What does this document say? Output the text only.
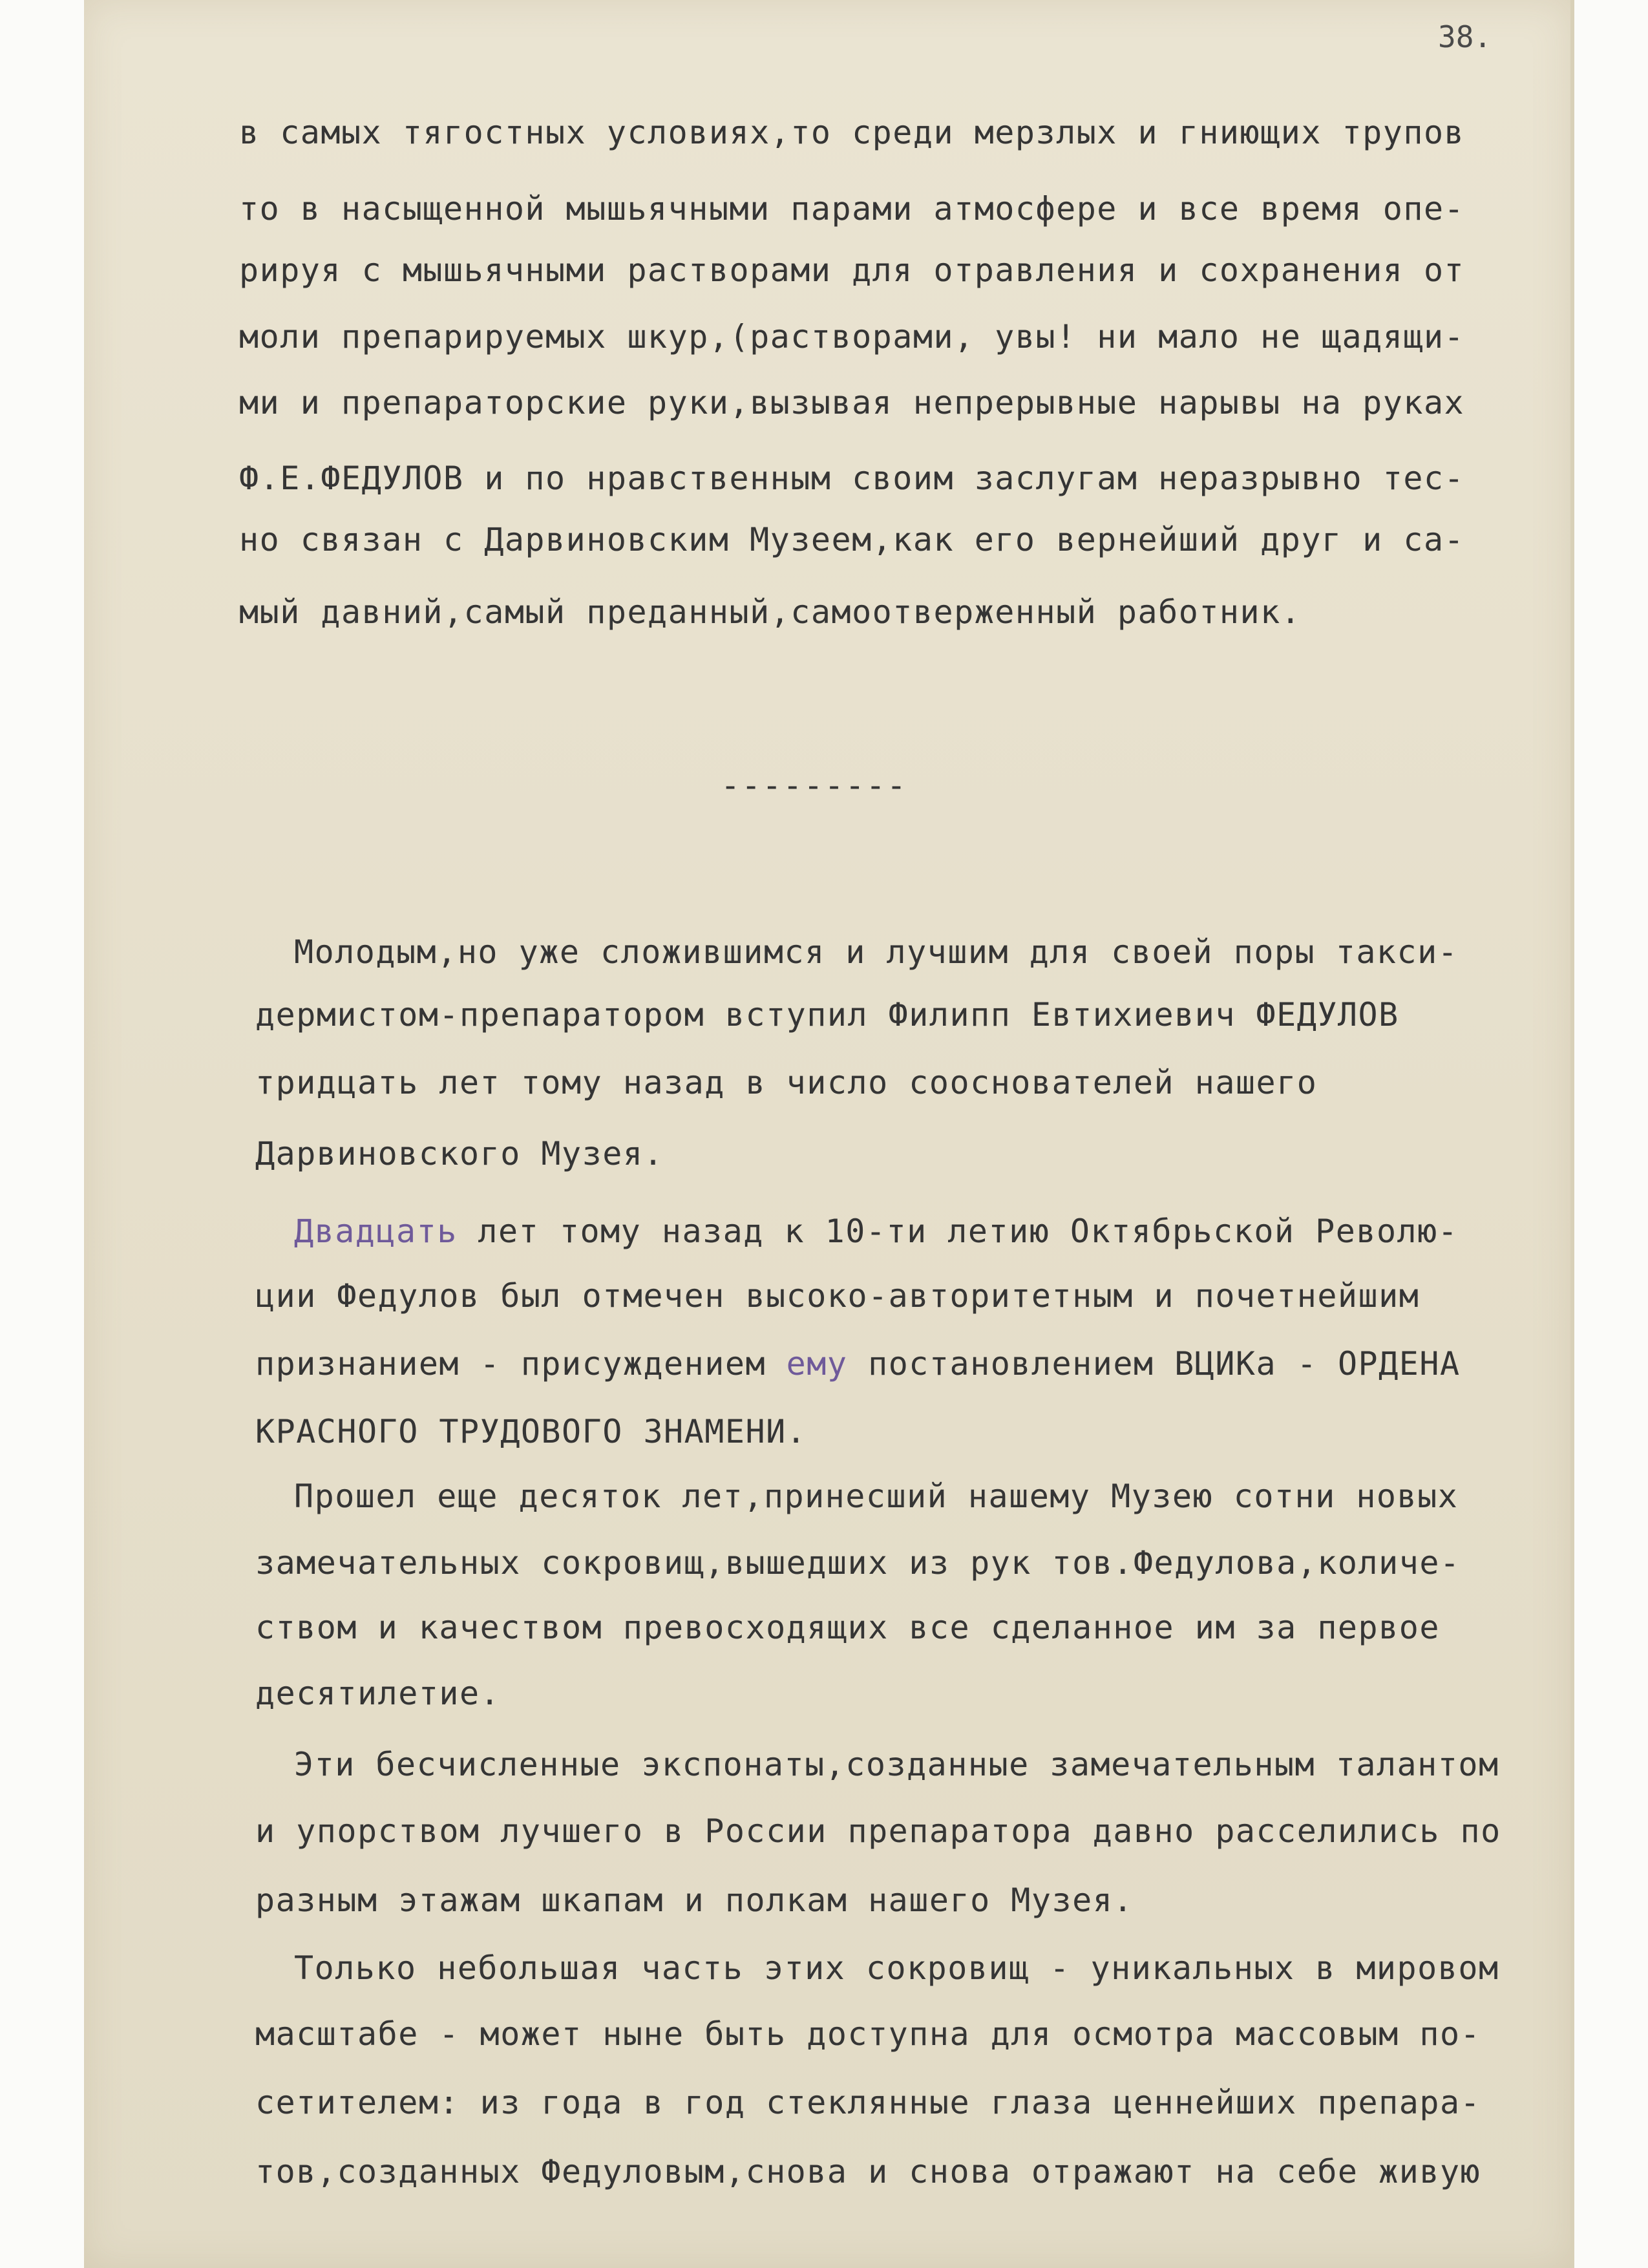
38.
в самых тягостных условиях,то среди мерзлых и гниющих трупов
то в насыщенной мышьячными парами атмосфере и все время опе-
рируя с мышьячными растворами для отравления и сохранения от
моли препарируемых шкур,(растворами, увы! ни мало не щадящи-
ми и препараторские руки,вызывая непрерывные нарывы на руках
Ф.Е.ФЕДУЛОВ и по нравственным своим заслугам неразрывно тес-
но связан с Дарвиновским Музеем,как его вернейший друг и са-
мый давний,самый преданный,самоотверженный работник.
---------
Молодым,но уже сложившимся и лучшим для своей поры такси-
дермистом-препаратором вступил Филипп Евтихиевич ФЕДУЛОВ
тридцать лет тому назад в число сооснователей нашего
Дарвиновского Музея.
Двадцать лет тому назад к 10-ти летию Октябрьской Револю-
ции Федулов был отмечен высоко-авторитетным и почетнейшим
признанием - присуждением ему постановлением ВЦИКа - ОРДЕНА
КРАСНОГО ТРУДОВОГО ЗНАМЕНИ.
Прошел еще десяток лет,принесший нашему Музею сотни новых
замечательных сокровищ,вышедших из рук тов.Федулова,количе-
ством и качеством превосходящих все сделанное им за первое
десятилетие.
Эти бесчисленные экспонаты,созданные замечательным талантом
и упорством лучшего в России препаратора давно расселились по
разным этажам шкапам и полкам нашего Музея.
Только небольшая часть этих сокровищ - уникальных в мировом
масштабе - может ныне быть доступна для осмотра массовым по-
сетителем: из года в год стеклянные глаза ценнейших препара-
тов,созданных Федуловым,снова и снова отражают на себе живую
